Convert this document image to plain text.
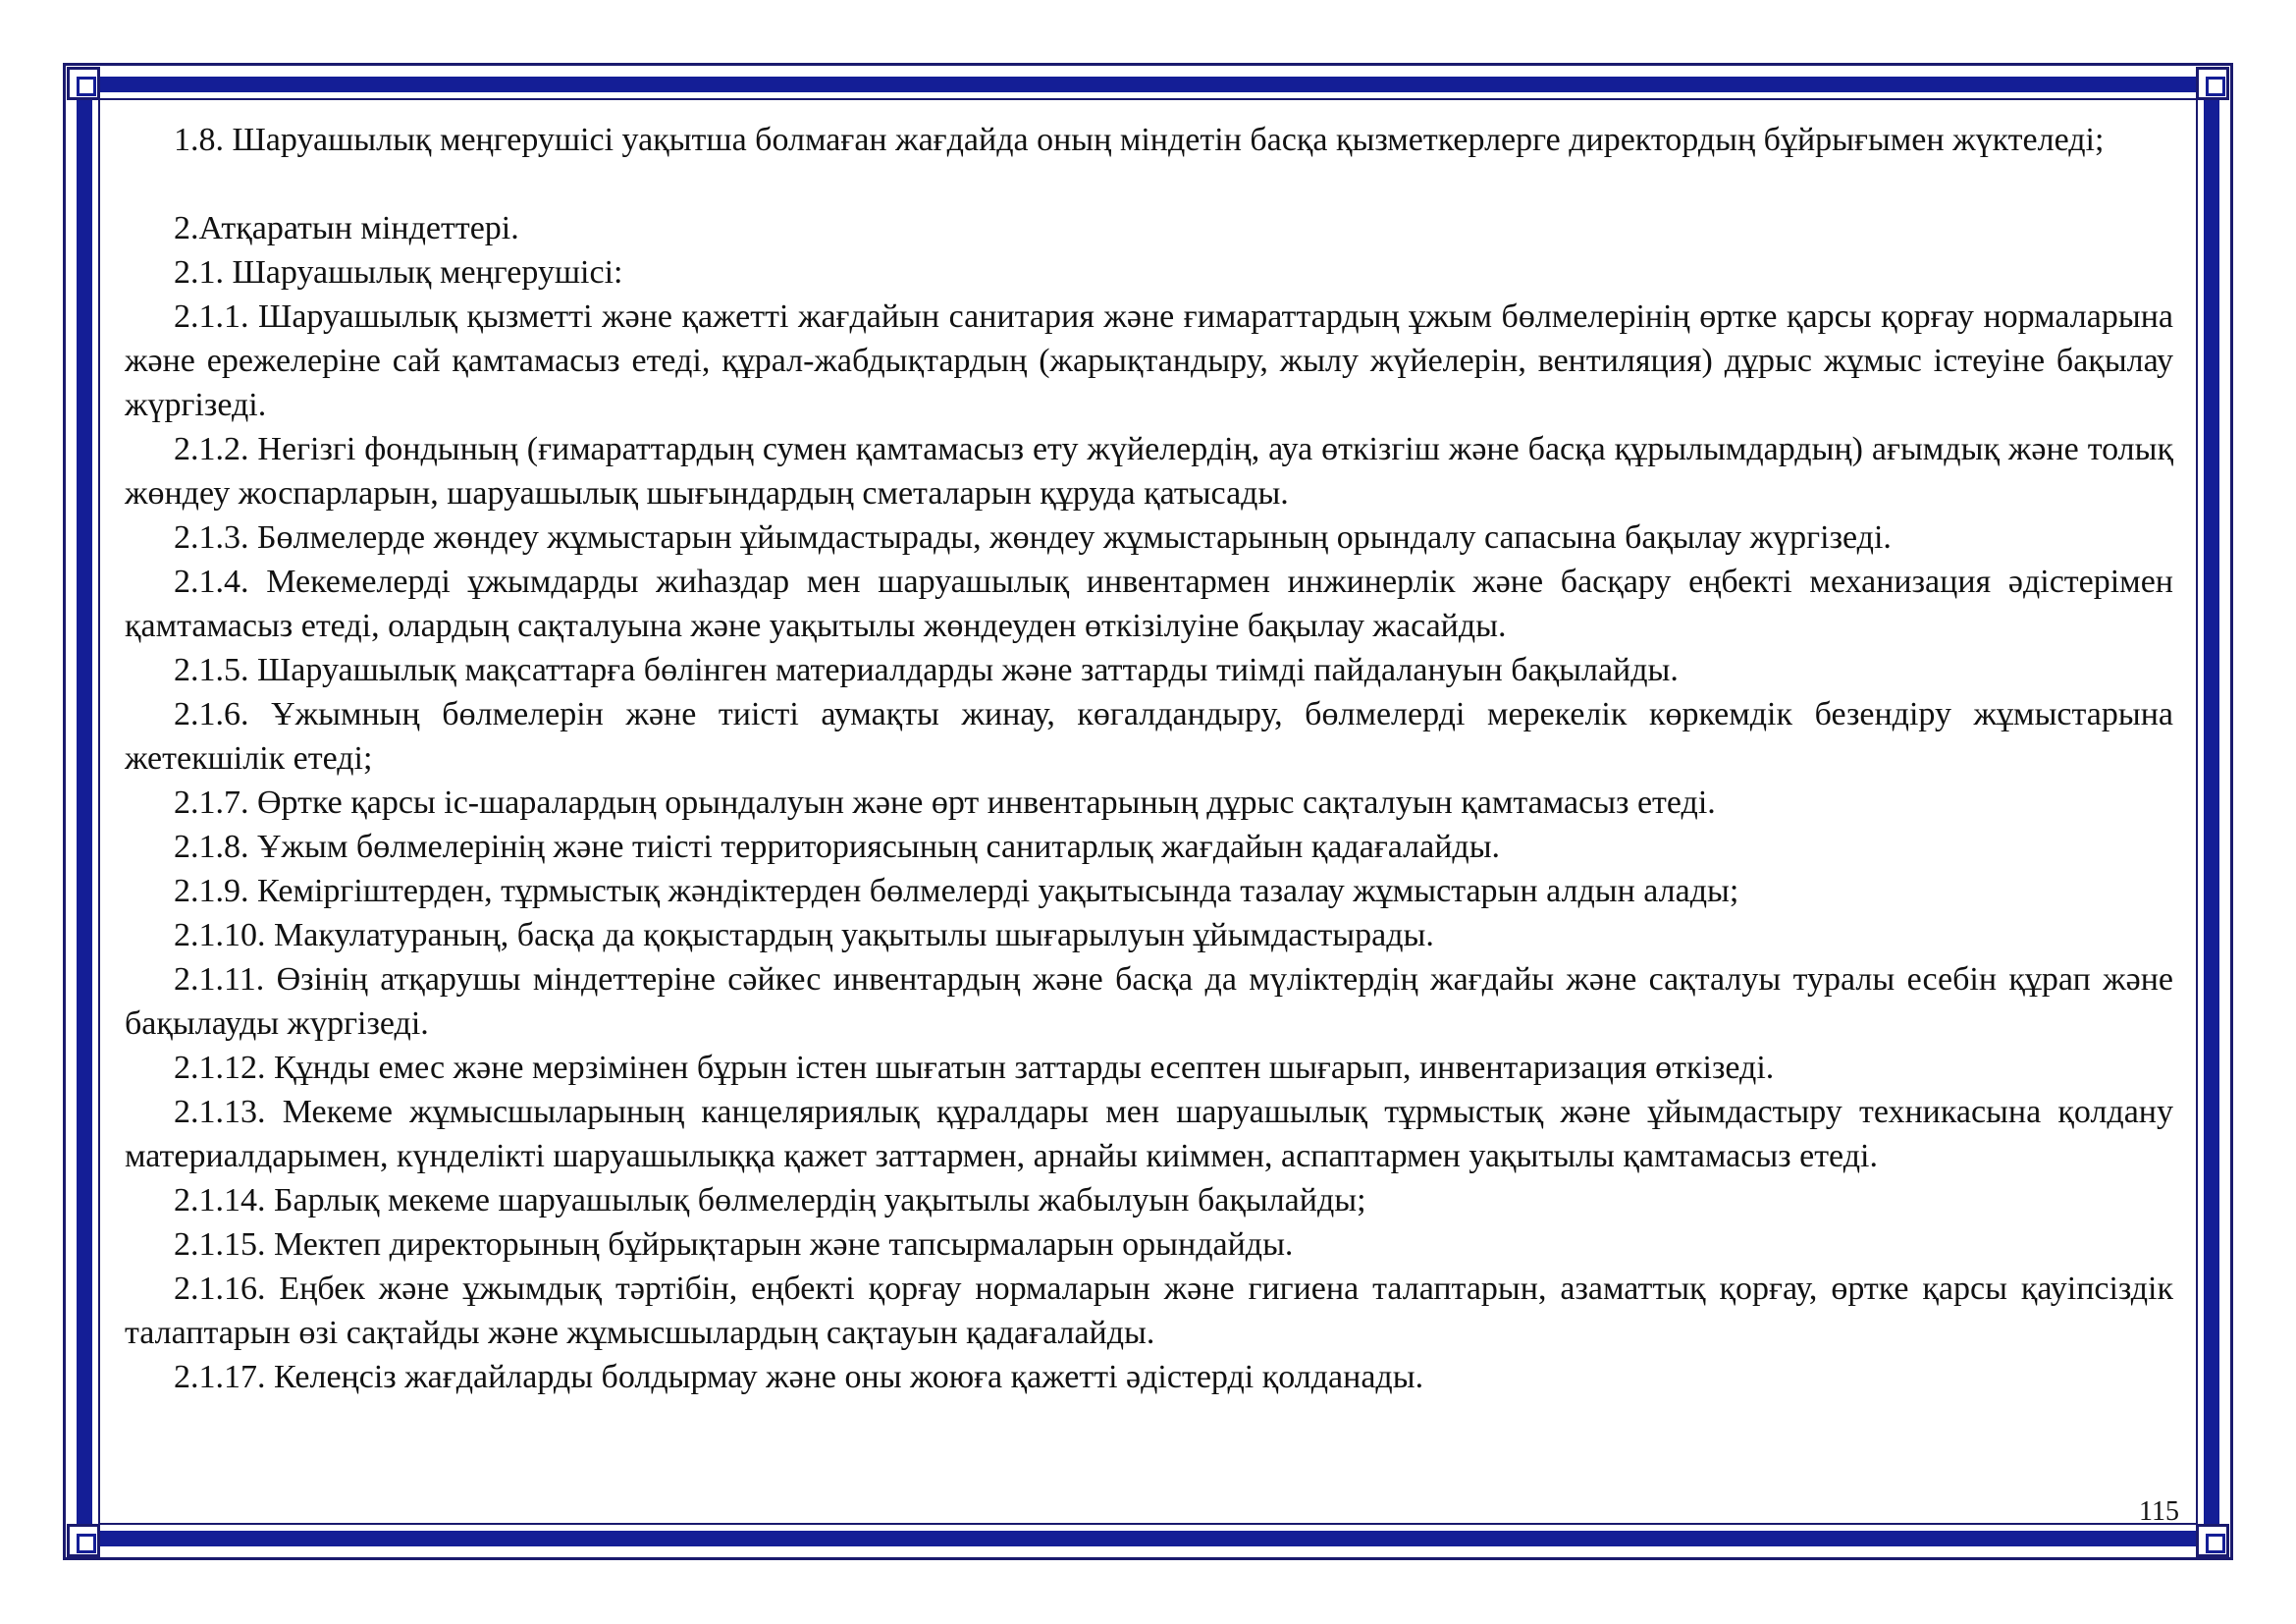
1.8. Шаруашылық меңгерушісі уақытша болмаған жағдайда оның міндетін басқа қызметкерлерге директордың бұйрығымен жүктеледі;

2.Атқаратын міндеттері.

2.1. Шаруашылық меңгерушісі:

2.1.1. Шаруашылық қызметті және қажетті жағдайын санитария және ғимараттардың ұжым бөлмелерінің өртке қарсы қорғау нормаларына және ережелеріне сай қамтамасыз етеді, құрал-жабдықтардың (жарықтандыру, жылу жүйелерін, вентиляция) дұрыс жұмыс істеуіне бақылау жүргізеді.

2.1.2. Негізгі фондының (ғимараттардың сумен қамтамасыз ету жүйелердің, ауа өткізгіш және басқа құрылымдардың) ағымдық және толық жөндеу жоспарларын, шаруашылық шығындардың сметаларын құруда қатысады.

2.1.3. Бөлмелерде жөндеу жұмыстарын ұйымдастырады, жөндеу жұмыстарының орындалу сапасына бақылау жүргізеді.

2.1.4. Мекемелерді ұжымдарды жиһаздар мен шаруашылық инвентармен инжинерлік және басқару еңбекті механизация әдістерімен қамтамасыз етеді, олардың сақталуына және уақытылы жөндеуден өткізілуіне бақылау жасайды.

2.1.5. Шаруашылық мақсаттарға бөлінген материалдарды және заттарды тиімді пайдалануын бақылайды.

2.1.6. Ұжымның бөлмелерін және тиісті аумақты жинау, көгалдандыру, бөлмелерді мерекелік көркемдік безендіру жұмыстарына жетекшілік етеді;

2.1.7. Өртке қарсы іс-шаралардың орындалуын және өрт инвентарының дұрыс сақталуын қамтамасыз етеді.

2.1.8. Ұжым бөлмелерінің және тиісті территориясының санитарлық жағдайын қадағалайды.

2.1.9. Кеміргіштерден, тұрмыстық жәндіктерден бөлмелерді уақытысында тазалау жұмыстарын алдын алады;

2.1.10. Макулатураның, басқа да қоқыстардың уақытылы шығарылуын ұйымдастырады.

2.1.11. Өзінің атқарушы міндеттеріне сәйкес инвентардың және басқа да мүліктердің жағдайы және сақталуы туралы есебін құрап және бақылауды жүргізеді.

2.1.12. Құнды емес және мерзімінен бұрын істен шығатын заттарды есептен шығарып, инвентаризация өткізеді.

2.1.13. Мекеме жұмысшыларының канцеляриялық құралдары мен шаруашылық тұрмыстық және ұйымдастыру техникасына қолдану материалдарымен, күнделікті шаруашылыққа қажет заттармен, арнайы киіммен, аспаптармен уақытылы қамтамасыз етеді.

2.1.14. Барлық мекеме шаруашылық бөлмелердің уақытылы жабылуын бақылайды;

2.1.15. Мектеп директорының бұйрықтарын және тапсырмаларын орындайды.

2.1.16. Еңбек және ұжымдық тәртібін, еңбекті қорғау нормаларын және гигиена талаптарын, азаматтық қорғау, өртке қарсы қауіпсіздік талаптарын өзі сақтайды және жұмысшылардың сақтауын қадағалайды.

2.1.17. Келеңсіз жағдайларды болдырмау және оны жоюға қажетті әдістерді қолданады.

115
